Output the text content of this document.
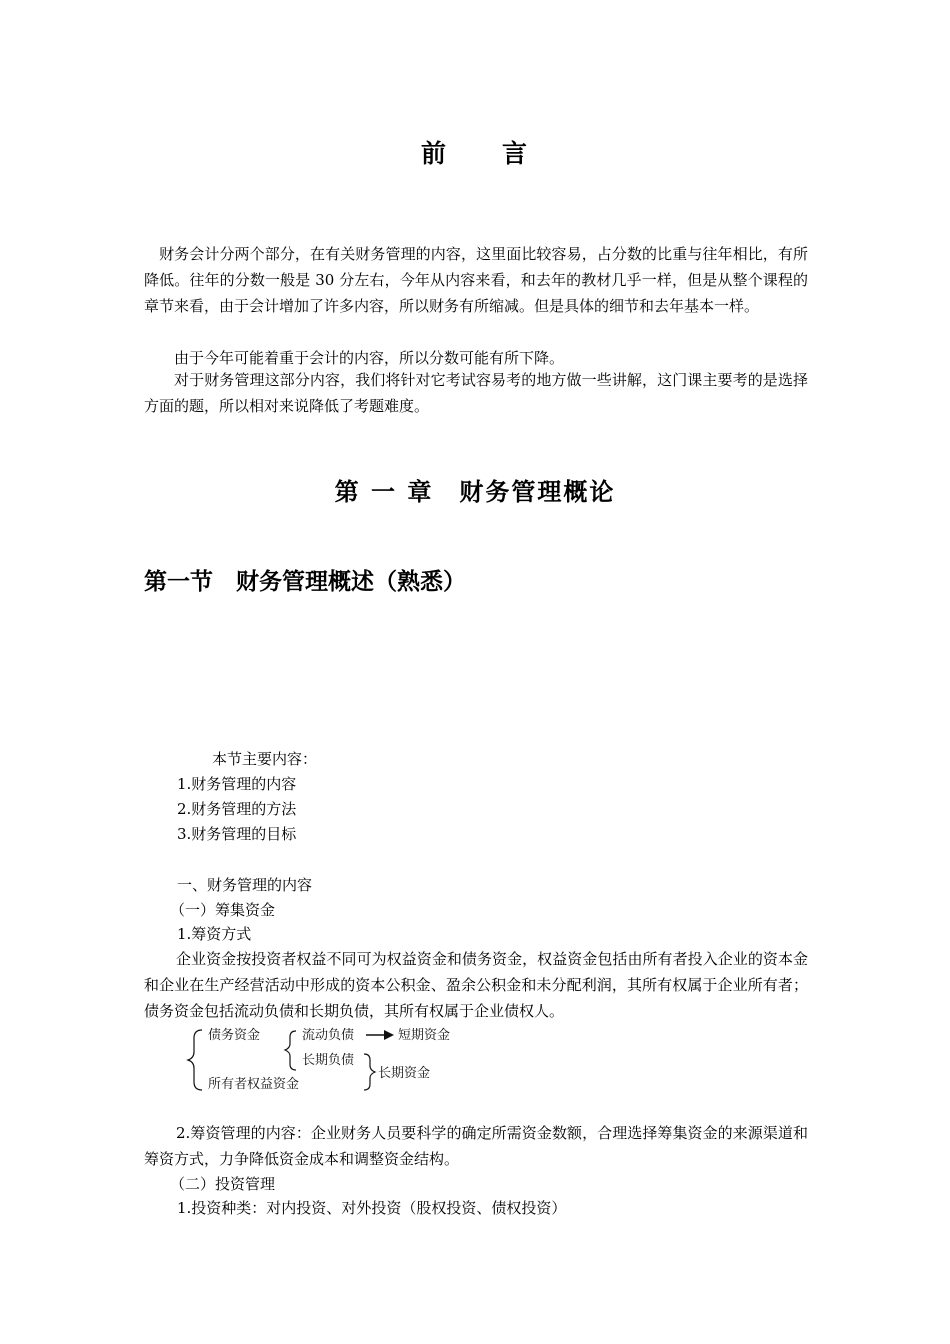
前　　言
　财务会计分两个部分，在有关财务管理的内容，这里面比较容易，占分数的比重与往年相比，有所降低。往年的分数一般是 30 分左右，今年从内容来看，和去年的教材几乎一样，但是从整个课程的章节来看，由于会计增加了许多内容，所以财务有所缩减。但是具体的细节和去年基本一样。
由于今年可能着重于会计的内容，所以分数可能有所下降。
对于财务管理这部分内容，我们将针对它考试容易考的地方做一些讲解，这门课主要考的是选择方面的题，所以相对来说降低了考题难度。
第 一 章　财务管理概论
第一节　财务管理概述（熟悉）
本节主要内容：
1.财务管理的内容
2.财务管理的方法
3.财务管理的目标
一、财务管理的内容
（一）筹集资金
1.筹资方式
企业资金按投资者权益不同可为权益资金和债务资金，权益资金包括由所有者投入企业的资本金和企业在生产经营活动中形成的资本公积金、盈余公积金和未分配利润，其所有权属于企业所有者；债务资金包括流动负债和长期负债，其所有权属于企业债权人。
债务资金
所有者权益资金
流动负债
长期负债
短期资金
长期资金
2.筹资管理的内容：企业财务人员要科学的确定所需资金数额，合理选择筹集资金的来源渠道和筹资方式，力争降低资金成本和调整资金结构。
（二）投资管理
1.投资种类：对内投资、对外投资（股权投资、债权投资）
